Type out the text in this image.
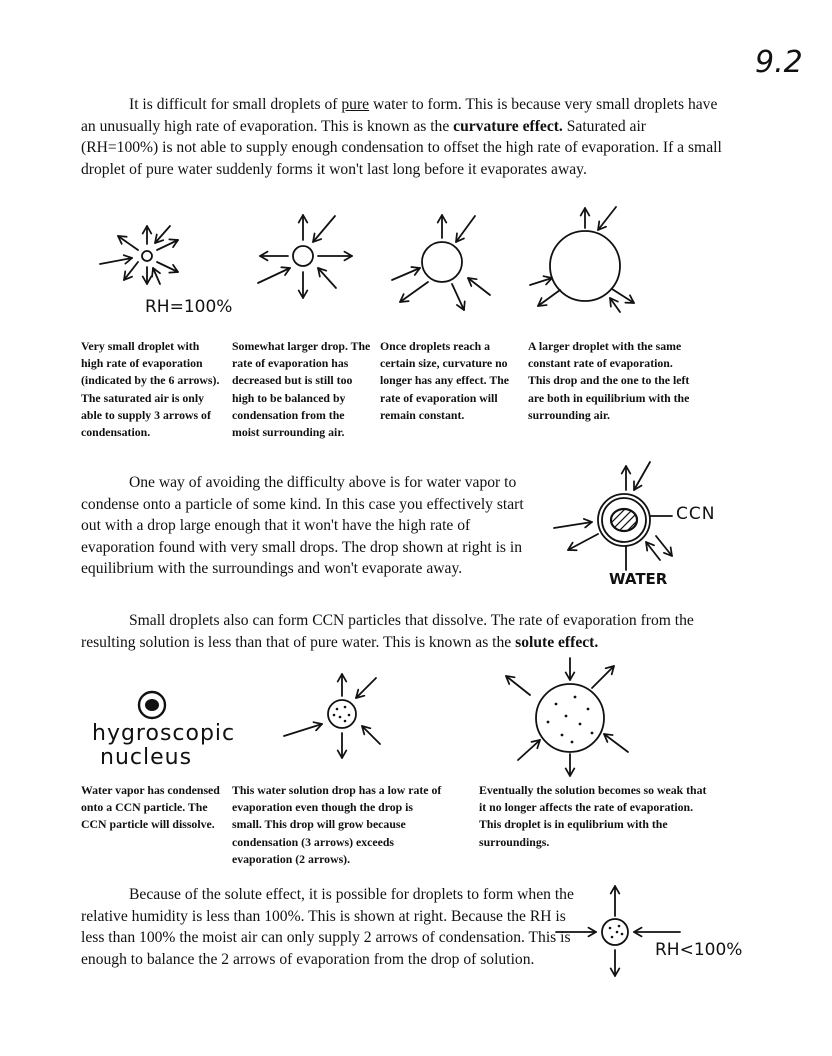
9.2

It is difficult for small droplets of pure water to form. This is because very small droplets have an unusually high rate of evaporation. This is known as the curvature effect. Saturated air (RH=100%) is not able to supply enough condensation to offset the high rate of evaporation. If a small droplet of pure water suddenly forms it won't last long before it evaporates away.

RH=100%
Very small droplet with high rate of evaporation (indicated by the 6 arrows). The saturated air is only able to supply 3 arrows of condensation.
Somewhat larger drop. The rate of evaporation has decreased but is still too high to be balanced by condensation from the moist surrounding air.
Once droplets reach a certain size, curvature no longer has any effect. The rate of evaporation will remain constant.
A larger droplet with the same constant rate of evaporation. This drop and the one to the left are both in equilibrium with the surrounding air.
One way of avoiding the difficulty above is for water vapor to condense onto a particle of some kind. In this case you effectively start out with a drop large enough that it won't have the high rate of evaporation found with very small drops. The drop shown at right is in equilibrium with the surroundings and won't evaporate away.
CCN
WATER
Small droplets also can form CCN particles that dissolve. The rate of evaporation from the resulting solution is less than that of pure water. This is known as the solute effect.
hygroscopic
nucleus
Water vapor has condensed onto a CCN particle. The CCN particle will dissolve.
This water solution drop has a low rate of evaporation even though the drop is small. This drop will grow because condensation (3 arrows) exceeds evaporation (2 arrows).
Eventually the solution becomes so weak that it no longer affects the rate of evaporation. This droplet is in equlibrium with the surroundings.
Because of the solute effect, it is possible for droplets to form when the relative humidity is less than 100%. This is shown at right. Because the RH is less than 100% the moist air can only supply 2 arrows of condensation. This is enough to balance the 2 arrows of evaporation from the drop of solution.	RH<100%
